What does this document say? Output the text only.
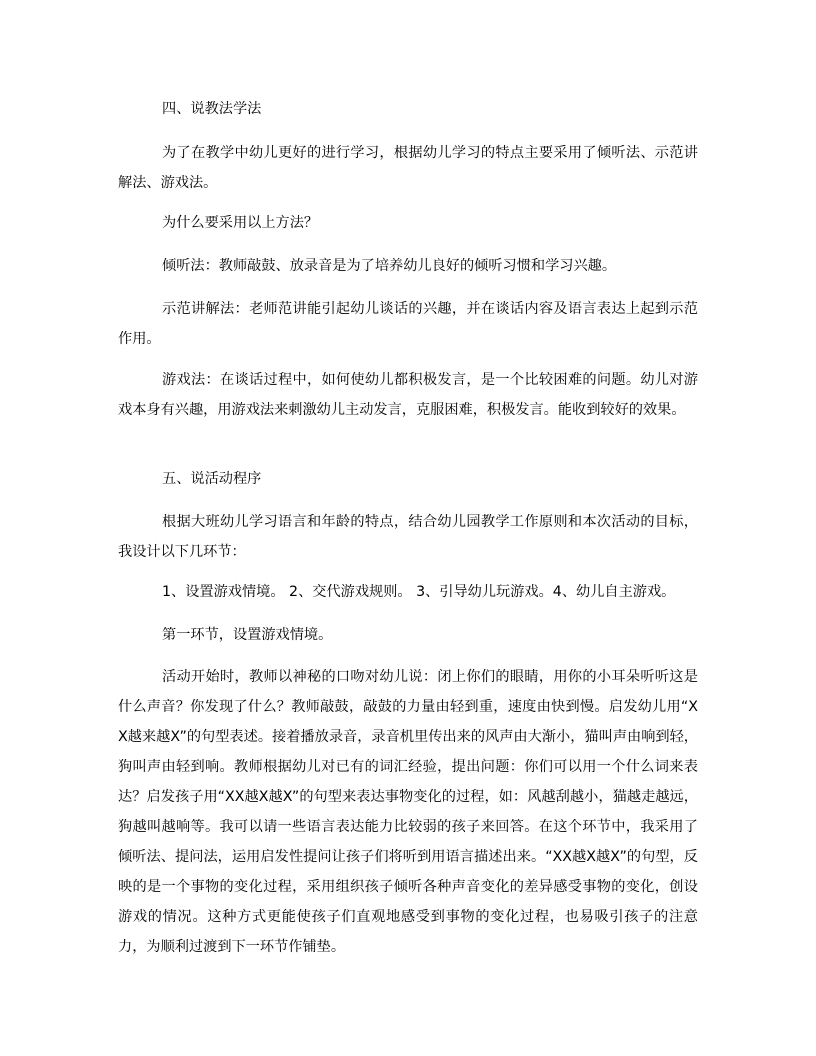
四、说教法学法

为了在教学中幼儿更好的进行学习，根据幼儿学习的特点主要采用了倾听法、示范讲解法、游戏法。

为什么要采用以上方法？

倾听法：教师敲鼓、放录音是为了培养幼儿良好的倾听习惯和学习兴趣。

示范讲解法：老师范讲能引起幼儿谈话的兴趣，并在谈话内容及语言表达上起到示范作用。

游戏法：在谈话过程中，如何使幼儿都积极发言，是一个比较困难的问题。幼儿对游戏本身有兴趣，用游戏法来刺激幼儿主动发言，克服困难，积极发言。能收到较好的效果。

五、说活动程序

根据大班幼儿学习语言和年龄的特点，结合幼儿园教学工作原则和本次活动的目标，我设计以下几环节：

1、设置游戏情境。 2、交代游戏规则。 3、引导幼儿玩游戏。4、幼儿自主游戏。

第一环节，设置游戏情境。

活动开始时，教师以神秘的口吻对幼儿说：闭上你们的眼睛，用你的小耳朵听听这是什么声音？你发现了什么？教师敲鼓，敲鼓的力量由轻到重，速度由快到慢。启发幼儿用“XX越来越X”的句型表述。接着播放录音，录音机里传出来的风声由大渐小，猫叫声由响到轻，狗叫声由轻到响。教师根据幼儿对已有的词汇经验，提出问题：你们可以用一个什么词来表达？启发孩子用“XX越X越X”的句型来表达事物变化的过程，如：风越刮越小，猫越走越远，狗越叫越响等。我可以请一些语言表达能力比较弱的孩子来回答。在这个环节中，我采用了倾听法、提问法，运用启发性提问让孩子们将听到用语言描述出来。“XX越X越X”的句型，反映的是一个事物的变化过程，采用组织孩子倾听各种声音变化的差异感受事物的变化，创设游戏的情况。这种方式更能使孩子们直观地感受到事物的变化过程，也易吸引孩子的注意力，为顺利过渡到下一环节作铺垫。
